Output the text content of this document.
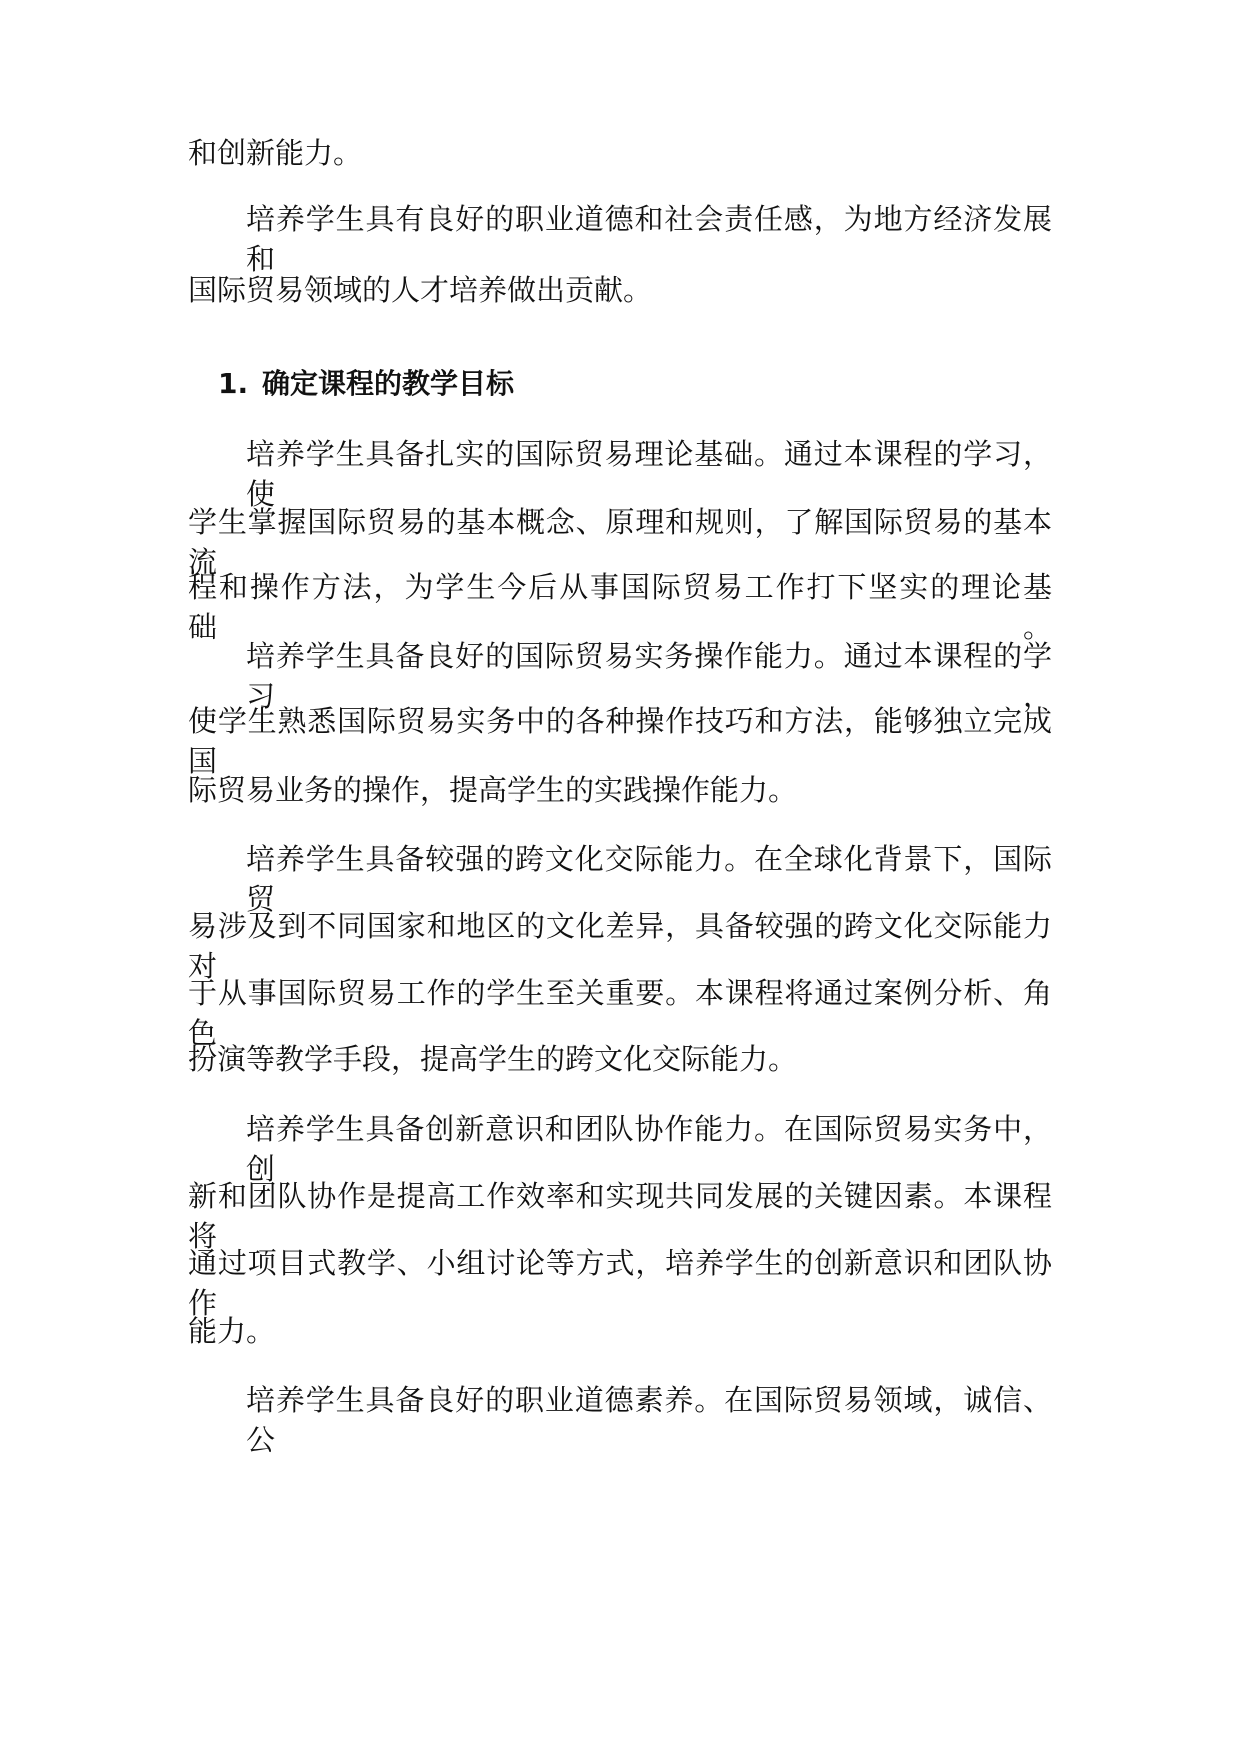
和创新能力。
培养学生具有良好的职业道德和社会责任感，为地方经济发展和
国际贸易领域的人才培养做出贡献。
1. 确定课程的教学目标
培养学生具备扎实的国际贸易理论基础。通过本课程的学习，使
学生掌握国际贸易的基本概念、原理和规则，了解国际贸易的基本流
程和操作方法，为学生今后从事国际贸易工作打下坚实的理论基础。
培养学生具备良好的国际贸易实务操作能力。通过本课程的学习，
使学生熟悉国际贸易实务中的各种操作技巧和方法，能够独立完成国
际贸易业务的操作，提高学生的实践操作能力。
培养学生具备较强的跨文化交际能力。在全球化背景下，国际贸
易涉及到不同国家和地区的文化差异，具备较强的跨文化交际能力对
于从事国际贸易工作的学生至关重要。本课程将通过案例分析、角色
扮演等教学手段，提高学生的跨文化交际能力。
培养学生具备创新意识和团队协作能力。在国际贸易实务中，创
新和团队协作是提高工作效率和实现共同发展的关键因素。本课程将
通过项目式教学、小组讨论等方式，培养学生的创新意识和团队协作
能力。
培养学生具备良好的职业道德素养。在国际贸易领域，诚信、公
